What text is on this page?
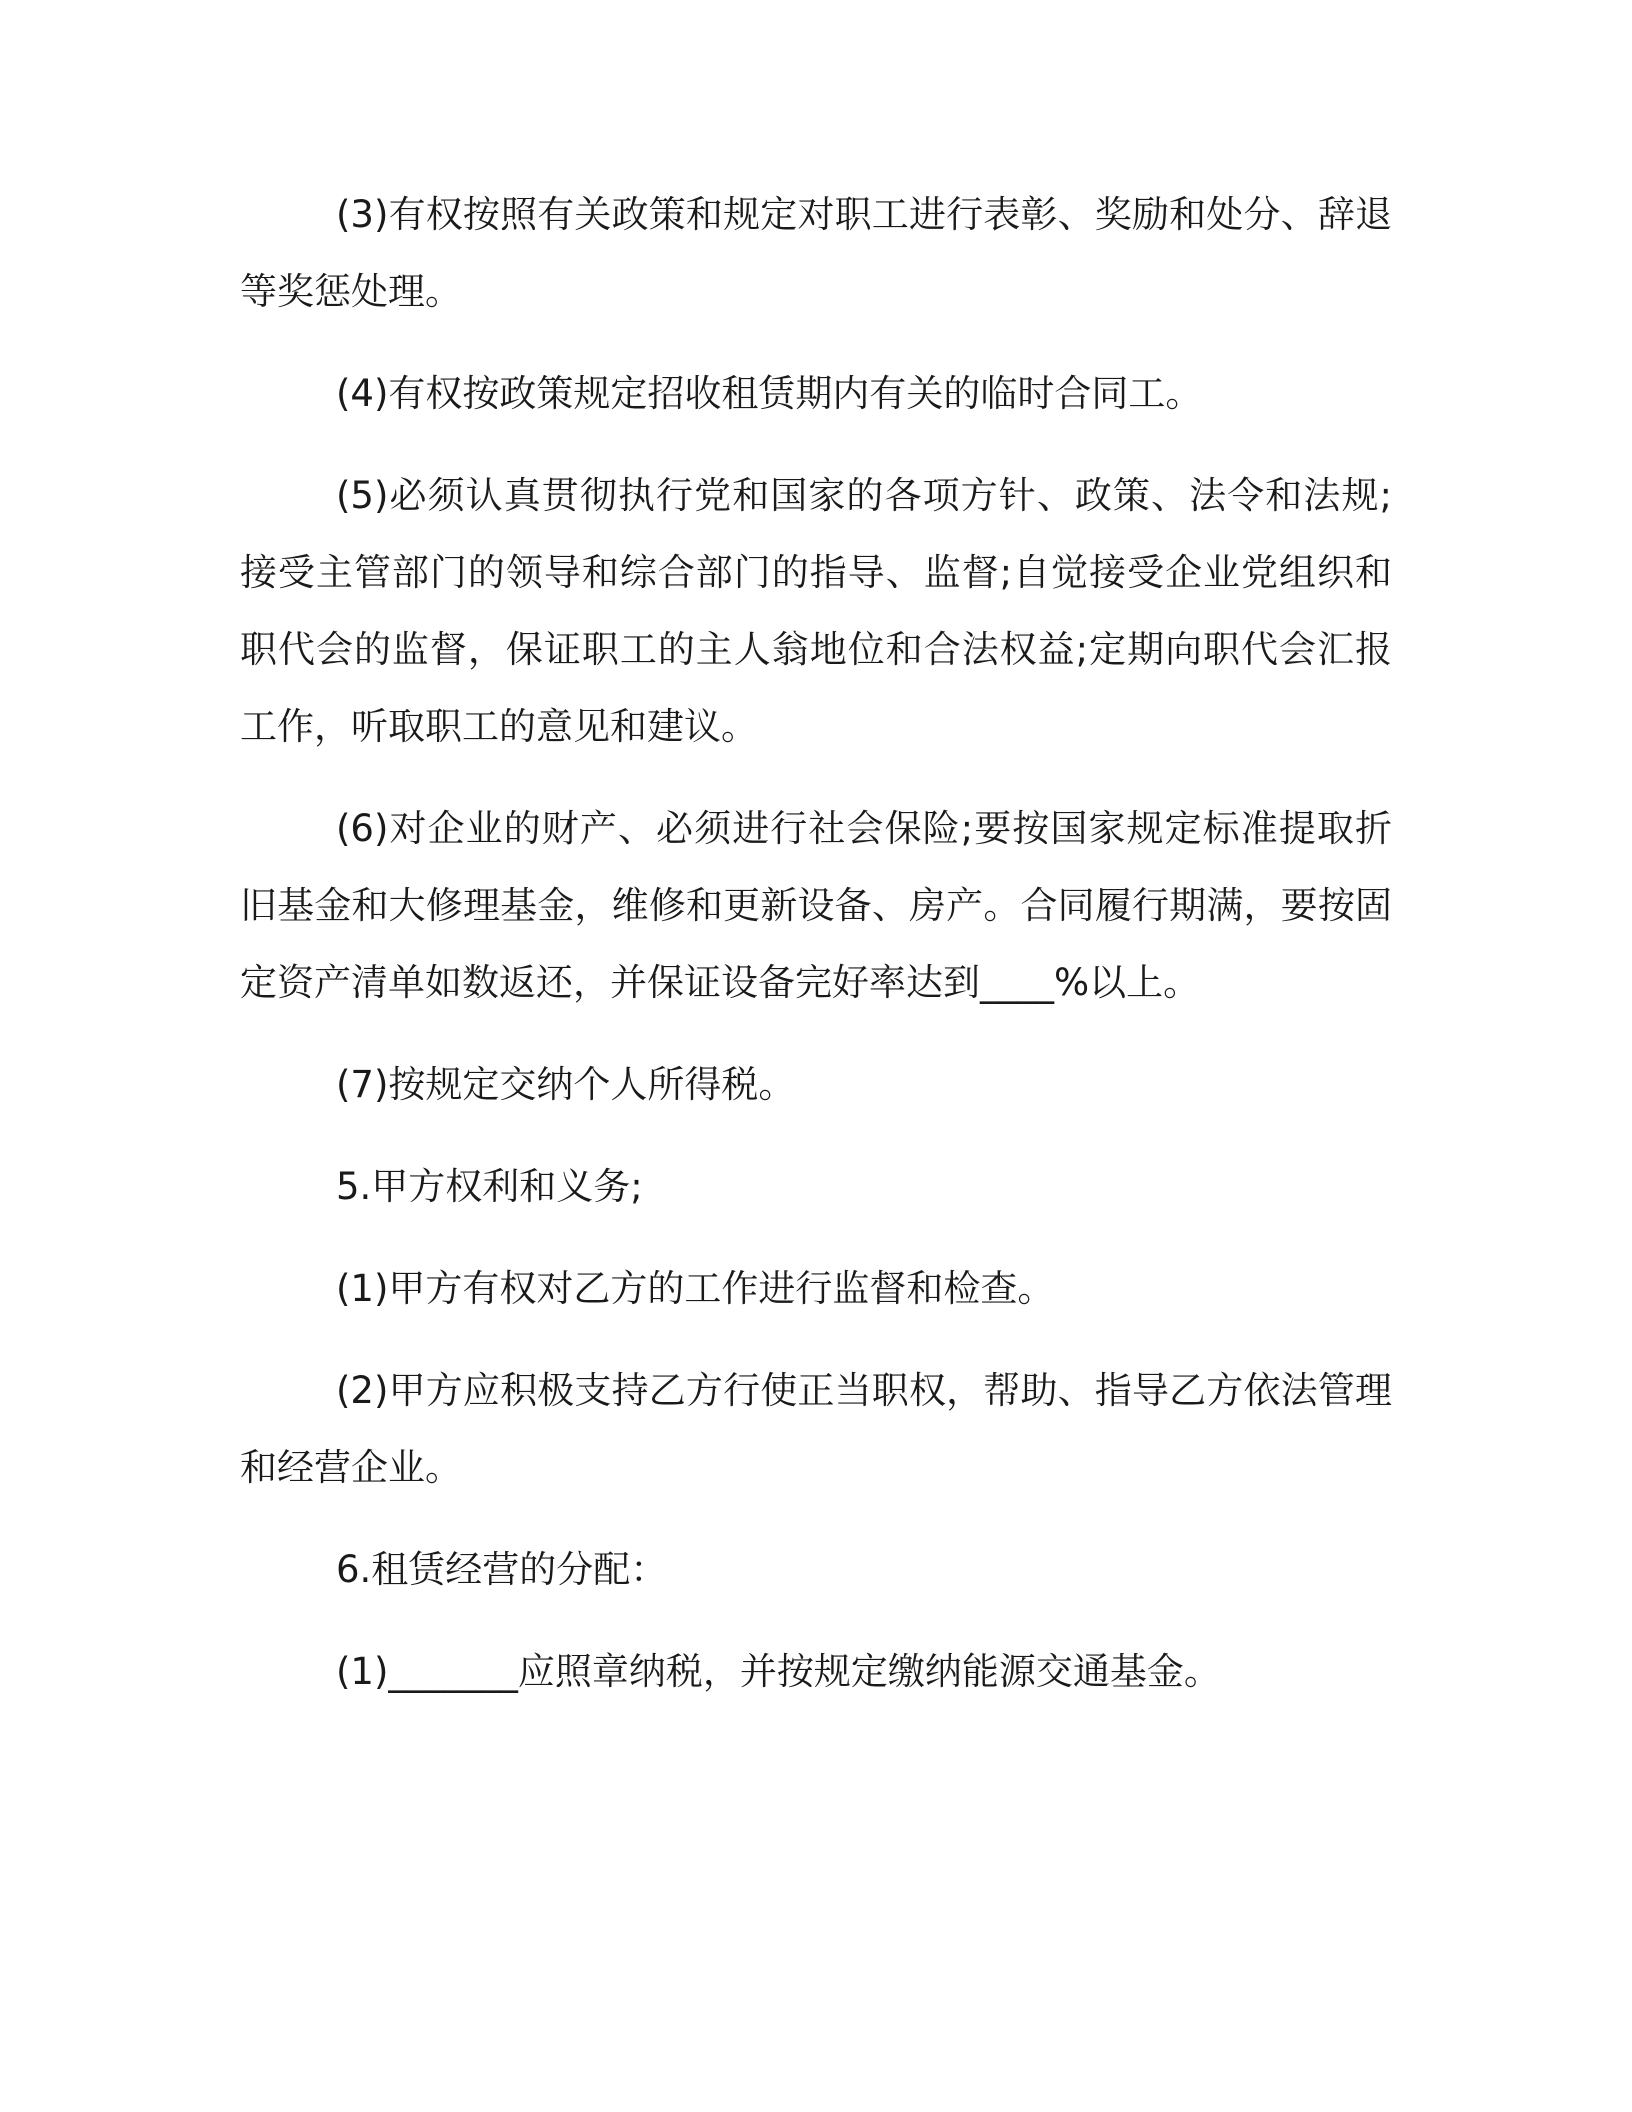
(3)有权按照有关政策和规定对职工进行表彰、奖励和处分、辞退等奖惩处理。

(4)有权按政策规定招收租赁期内有关的临时合同工。

(5)必须认真贯彻执行党和国家的各项方针、政策、法令和法规;接受主管部门的领导和综合部门的指导、监督;自觉接受企业党组织和职代会的监督，保证职工的主人翁地位和合法权益;定期向职代会汇报工作，听取职工的意见和建议。

(6)对企业的财产、必须进行社会保险;要按国家规定标准提取折旧基金和大修理基金，维修和更新设备、房产。合同履行期满，要按固定资产清单如数返还，并保证设备完好率达到____%以上。

(7)按规定交纳个人所得税。

5.甲方权利和义务;

(1)甲方有权对乙方的工作进行监督和检查。

(2)甲方应积极支持乙方行使正当职权，帮助、指导乙方依法管理和经营企业。

6.租赁经营的分配：

(1)_______应照章纳税，并按规定缴纳能源交通基金。
